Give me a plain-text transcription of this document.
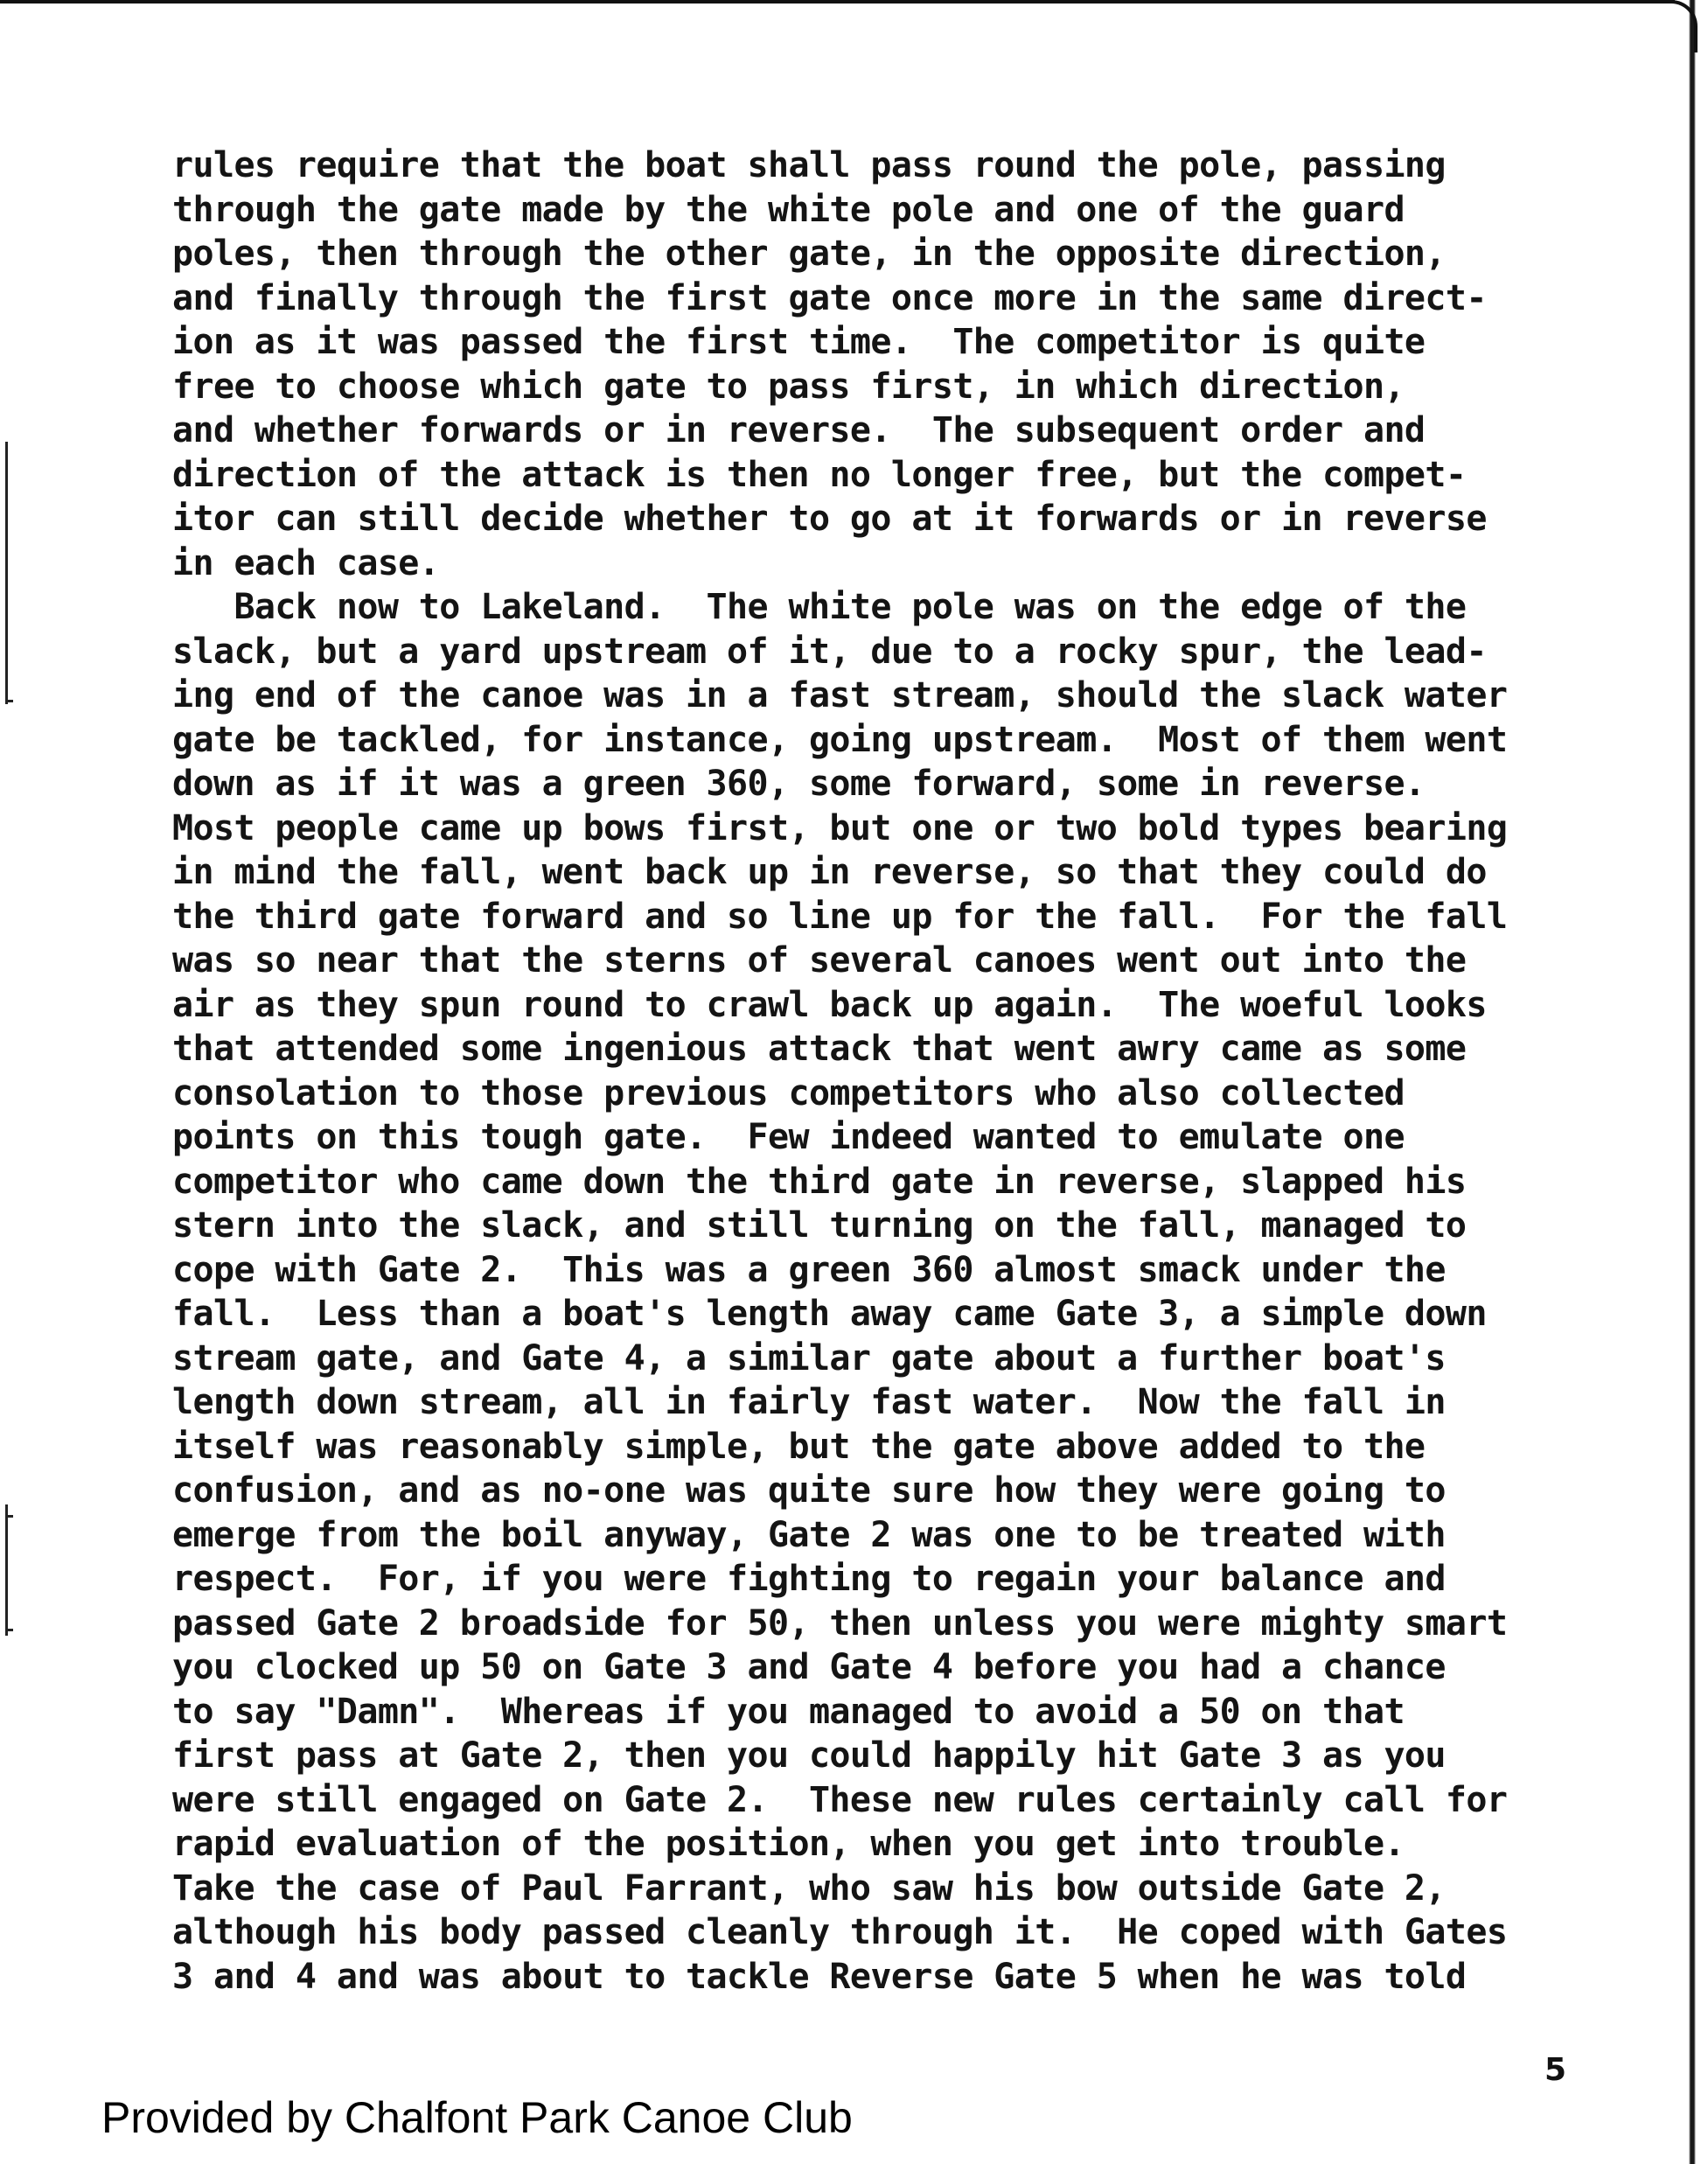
rules require that the boat shall pass round the pole, passing
through the gate made by the white pole and one of the guard
poles, then through the other gate, in the opposite direction,
and finally through the first gate once more in the same direct-
ion as it was passed the first time.  The competitor is quite
free to choose which gate to pass first, in which direction,
and whether forwards or in reverse.  The subsequent order and
direction of the attack is then no longer free, but the compet-
itor can still decide whether to go at it forwards or in reverse
in each case.
Back now to Lakeland.  The white pole was on the edge of the
slack, but a yard upstream of it, due to a rocky spur, the lead-
ing end of the canoe was in a fast stream, should the slack water
gate be tackled, for instance, going upstream.  Most of them went
down as if it was a green 360, some forward, some in reverse.
Most people came up bows first, but one or two bold types bearing
in mind the fall, went back up in reverse, so that they could do
the third gate forward and so line up for the fall.  For the fall
was so near that the sterns of several canoes went out into the
air as they spun round to crawl back up again.  The woeful looks
that attended some ingenious attack that went awry came as some
consolation to those previous competitors who also collected
points on this tough gate.  Few indeed wanted to emulate one
competitor who came down the third gate in reverse, slapped his
stern into the slack, and still turning on the fall, managed to
cope with Gate 2.  This was a green 360 almost smack under the
fall.  Less than a boat's length away came Gate 3, a simple down
stream gate, and Gate 4, a similar gate about a further boat's
length down stream, all in fairly fast water.  Now the fall in
itself was reasonably simple, but the gate above added to the
confusion, and as no-one was quite sure how they were going to
emerge from the boil anyway, Gate 2 was one to be treated with
respect.  For, if you were fighting to regain your balance and
passed Gate 2 broadside for 50, then unless you were mighty smart
you clocked up 50 on Gate 3 and Gate 4 before you had a chance
to say "Damn".  Whereas if you managed to avoid a 50 on that
first pass at Gate 2, then you could happily hit Gate 3 as you
were still engaged on Gate 2.  These new rules certainly call for
rapid evaluation of the position, when you get into trouble.
Take the case of Paul Farrant, who saw his bow outside Gate 2,
although his body passed cleanly through it.  He coped with Gates
3 and 4 and was about to tackle Reverse Gate 5 when he was told
5
Provided by Chalfont Park Canoe Club
